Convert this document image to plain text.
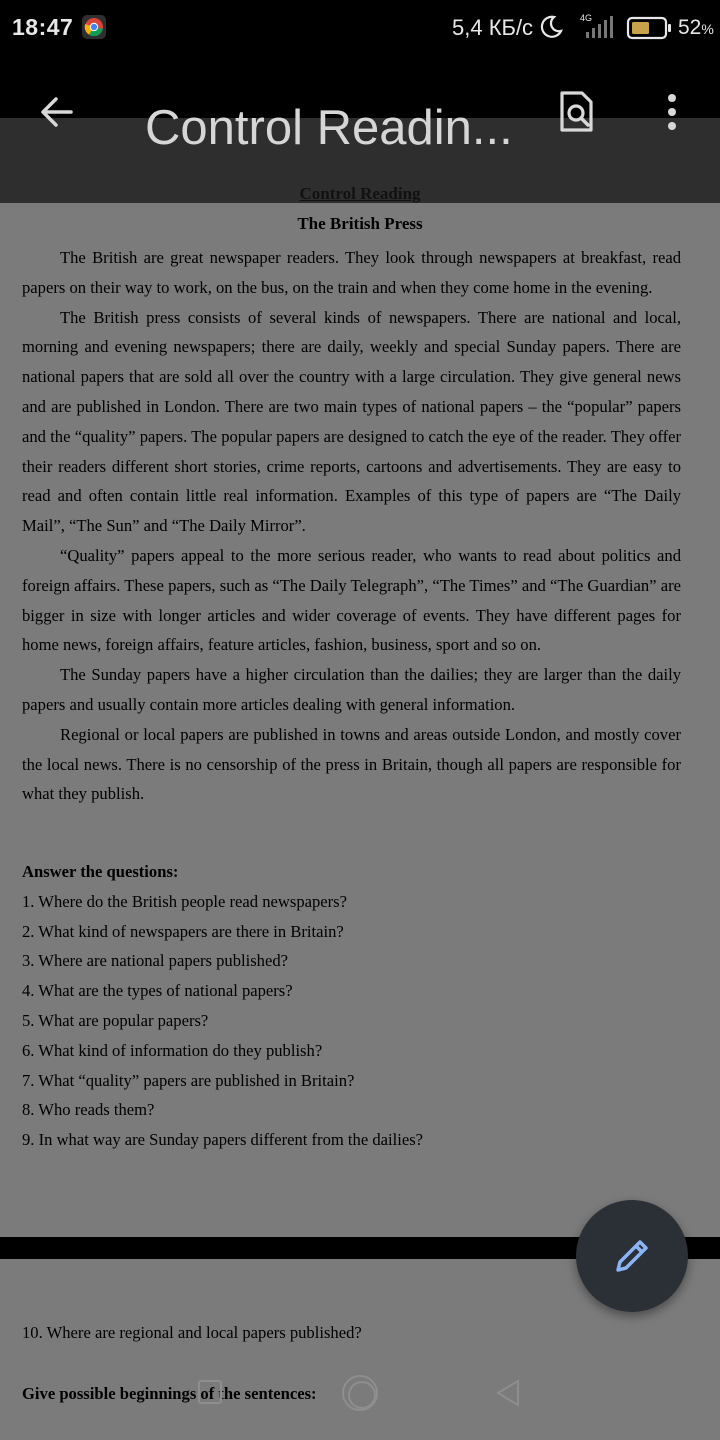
18:47	5,4 КБ/с	4G	52%
Control Readin...
The British Press

The British are great newspaper readers. They look through newspapers at breakfast, read papers on their way to work, on the bus, on the train and when they come home in the evening.

The British press consists of several kinds of newspapers. There are national and local, morning and evening newspapers; there are daily, weekly and special Sunday papers. There are national papers that are sold all over the country with a large circulation. They give general news and are published in London. There are two main types of national papers – the “popular” papers and the “quality” papers. The popular papers are designed to catch the eye of the reader. They offer their readers different short stories, crime reports, cartoons and advertisements. They are easy to read and often contain little real information. Examples of this type of papers are “The Daily Mail”, “The Sun” and “The Daily Mirror”.

“Quality” papers appeal to the more serious reader, who wants to read about politics and foreign affairs. These papers, such as “The Daily Telegraph”, “The Times” and “The Guardian” are bigger in size with longer articles and wider coverage of events. They have different pages for home news, foreign affairs, feature articles, fashion, business, sport and so on.

The Sunday papers have a higher circulation than the dailies; they are larger than the daily papers and usually contain more articles dealing with general information.

Regional or local papers are published in towns and areas outside London, and mostly cover the local news. There is no censorship of the press in Britain, though all papers are responsible for what they publish.

Answer the questions:
1. Where do the British people read newspapers?
2. What kind of newspapers are there in Britain?
3. Where are national papers published?
4. What are the types of national papers?
5. What are popular papers?
6. What kind of information do they publish?
7. What “quality” papers are published in Britain?
8. Who reads them?
9. In what way are Sunday papers different from the dailies?
Control Reading
10. Where are regional and local papers published?
Give possible beginnings of the sentences:
